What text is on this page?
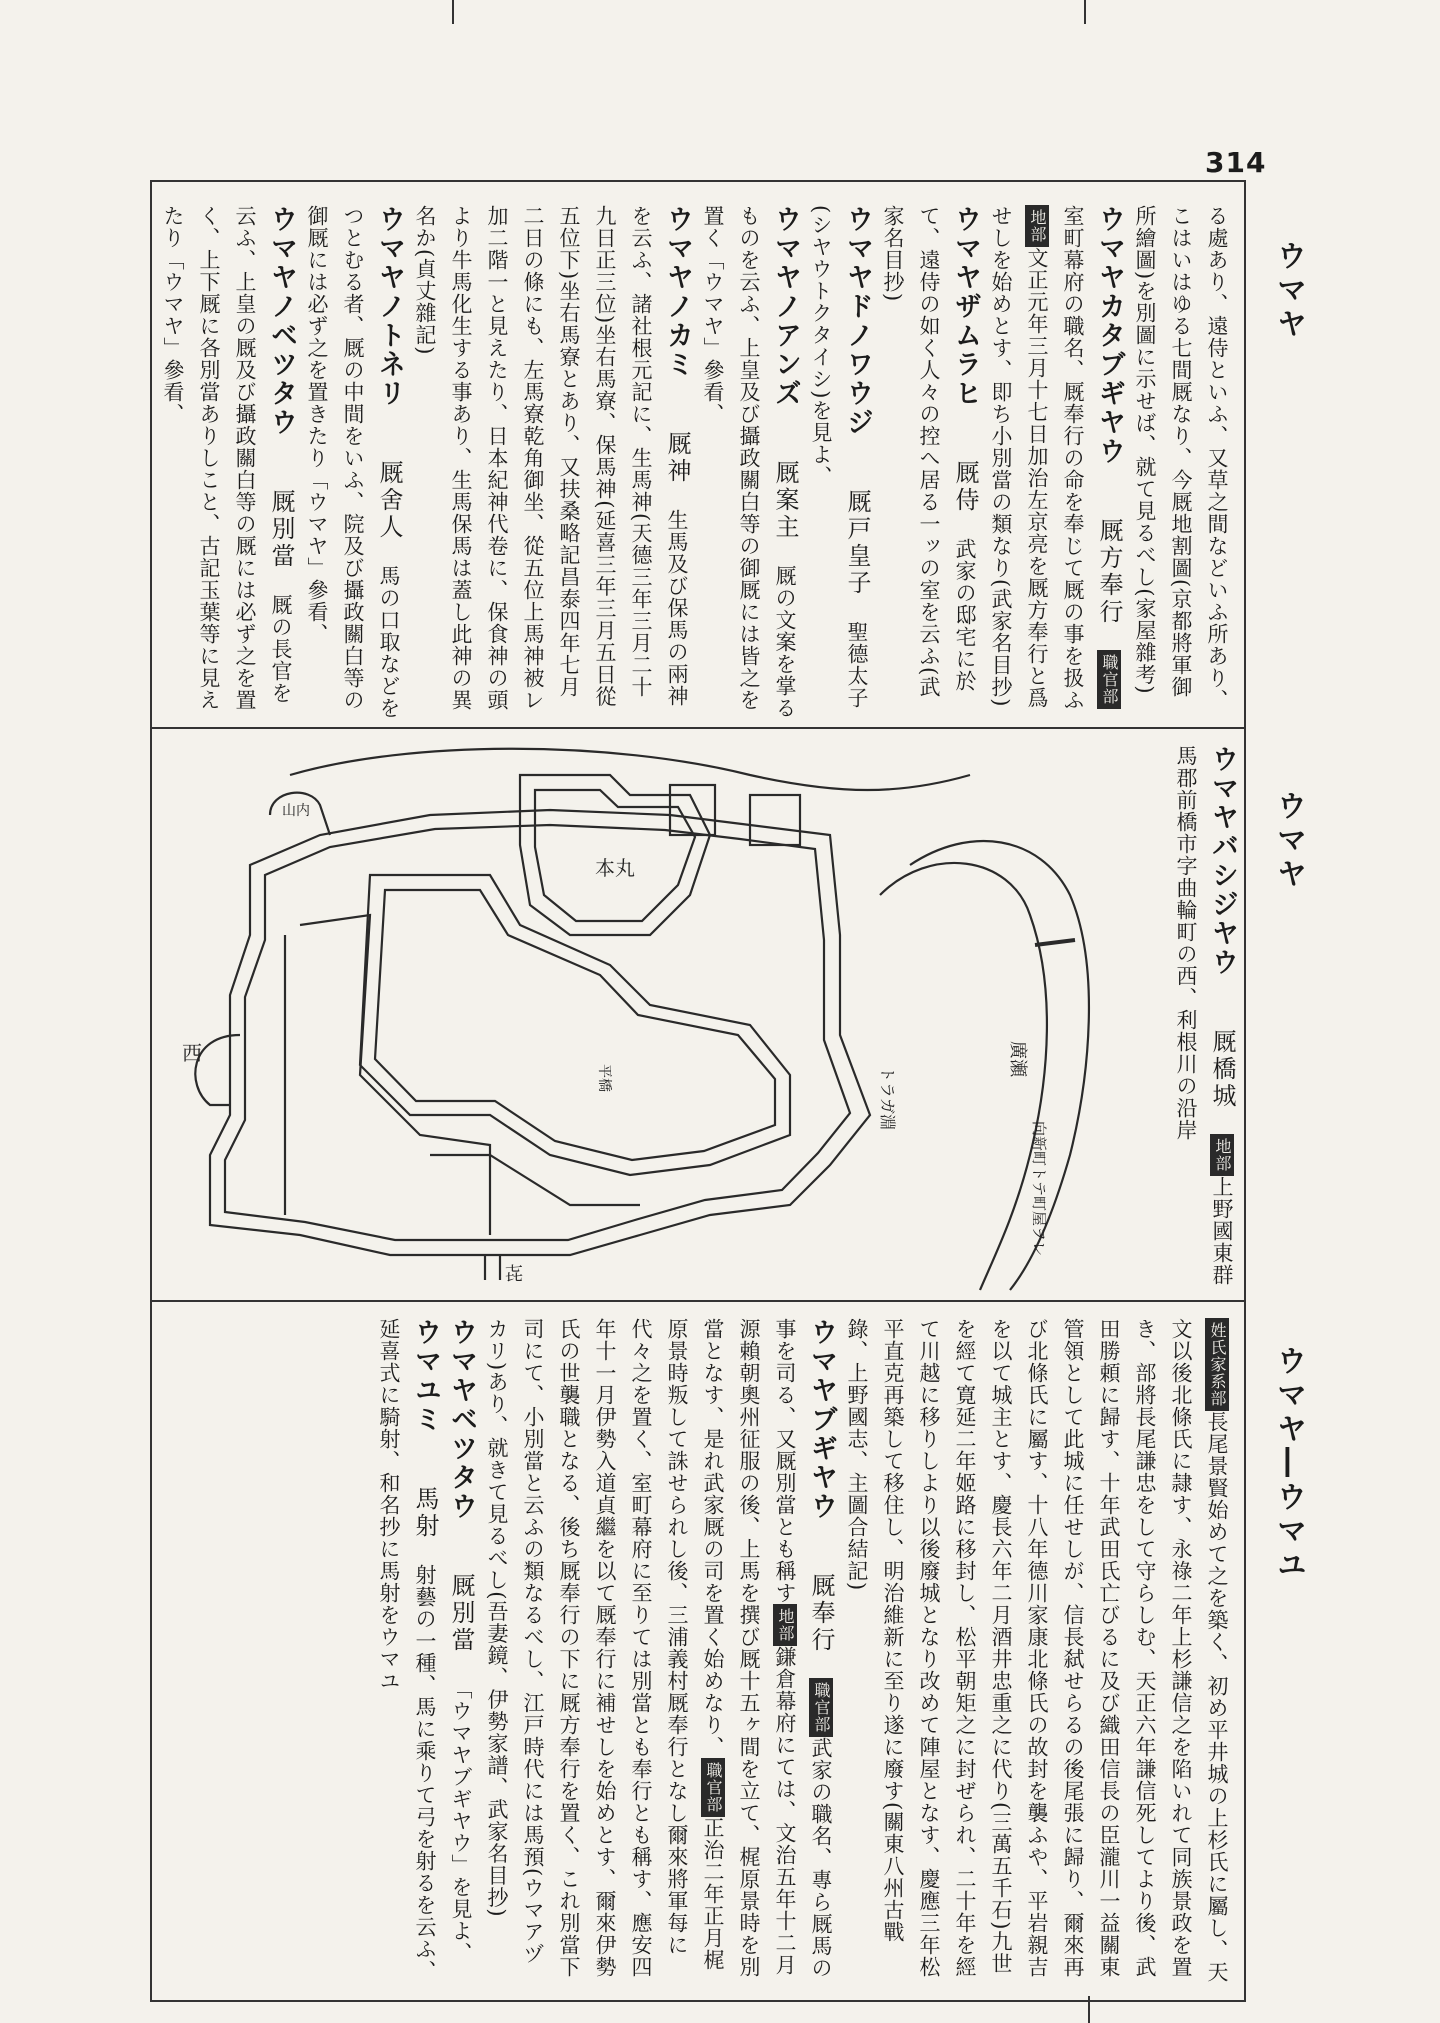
314
ウマヤ
ウマヤ
ウマヤ―ウマユ

る處あり、遠侍といふ、又草之間などいふ所あり、こはいはゆる七間厩なり、今厩地割圖(京都將軍御所繪圖)を別圖に示せば、就て見るべし(家屋雜考)

ウマヤカタブギヤウ厩方奉行職官部室町幕府の職名、厩奉行の命を奉じて厩の事を扱ふ地部文正元年三月十七日加治左京亮を厩方奉行と爲せしを始めとす、即ち小別當の類なり(武家名目抄)

ウマヤザムラヒ厩侍武家の邸宅に於て、遠侍の如く人々の控へ居る一ッの室を云ふ(武家名目抄)

ウマヤドノワウジ厩戸皇子聖德太子(シヤウトクタイシ)を見よ、

ウマヤノアンズ厩案主厩の文案を掌るものを云ふ、上皇及び攝政關白等の御厩には皆之を置く「ウマヤ」參看、

ウマヤノカミ厩神生馬及び保馬の兩神を云ふ、諸社根元記に、生馬神(天德三年三月二十九日正三位)坐右馬寮、保馬神(延喜三年三月五日從五位下)坐右馬寮とあり、又扶桑略記昌泰四年七月二日の條にも、左馬寮乾角御坐、從五位上馬神被レ加二階一と見えたり、日本紀神代卷に、保食神の頭より牛馬化生する事あり、生馬保馬は蓋し此神の異名か(貞丈雜記)

ウマヤノトネリ厩舍人馬の口取などをつとむる者、厩の中間をいふ、院及び攝政關白等の御厩には必ず之を置きたり「ウマヤ」參看、

ウマヤノベツタウ厩別當厩の長官を云ふ、上皇の厩及び攝政關白等の厩には必ず之を置く、上下厩に各別當ありしこと、古記玉葉等に見えたり「ウマヤ」參看、

ウマヤバシジヤウ厩橋城地部上野國東群馬郡前橋市字曲輪町の西、利根川の沿岸

本丸
山内
平橋	トラガ淵
廣瀬
向新町トテ町屋ヲレ
西
㐂

姓氏家系部長尾景賢始めて之を築く、初め平井城の上杉氏に屬し、天文以後北條氏に隷す、永祿二年上杉謙信之を陷いれて同族景政を置き、部將長尾謙忠をして守らしむ、天正六年謙信死してより後、武田勝頼に歸す、十年武田氏亡びるに及び織田信長の臣瀧川一益關東管領として此城に任せしが、信長弑せらるの後尾張に歸り、爾來再び北條氏に屬す、十八年德川家康北條氏の故封を襲ふや、平岩親吉を以て城主とす、慶長六年二月酒井忠重之に代り(三萬五千石)九世を經て寛延二年姬路に移封し、松平朝矩之に封ぜられ、二十年を經て川越に移りしより以後廢城となり改めて陣屋となす、慶應三年松平直克再築して移住し、明治維新に至り遂に廢す(關東八州古戰錄、上野國志、主圖合結記)

ウマヤブギヤウ厩奉行職官部武家の職名、專ら厩馬の事を司る、又厩別當とも稱す地部鎌倉幕府にては、文治五年十二月源賴朝奧州征服の後、上馬を撰び厩十五ヶ間を立て、梶原景時を別當となす、是れ武家厩の司を置く始めなり、職官部正治二年正月梶原景時叛して誅せられし後、三浦義村厩奉行となし爾來將軍每に代々之を置く、室町幕府に至りては別當とも奉行とも稱す、應安四年十一月伊勢入道貞繼を以て厩奉行に補せしを始めとす、爾來伊勢氏の世襲職となる、後ち厩奉行の下に厩方奉行を置く、これ別當下司にて、小別當と云ふの類なるべし、江戸時代には馬預(ウマアヅカリ)あり、就きて見るべし(吾妻鏡、伊勢家譜、武家名目抄)

ウマヤベツタウ厩別當「ウマヤブギヤウ」を見よ、

ウマユミ馬射射藝の一種、馬に乘りて弓を射るを云ふ、延喜式に騎射、和名抄に馬射をウマユ
